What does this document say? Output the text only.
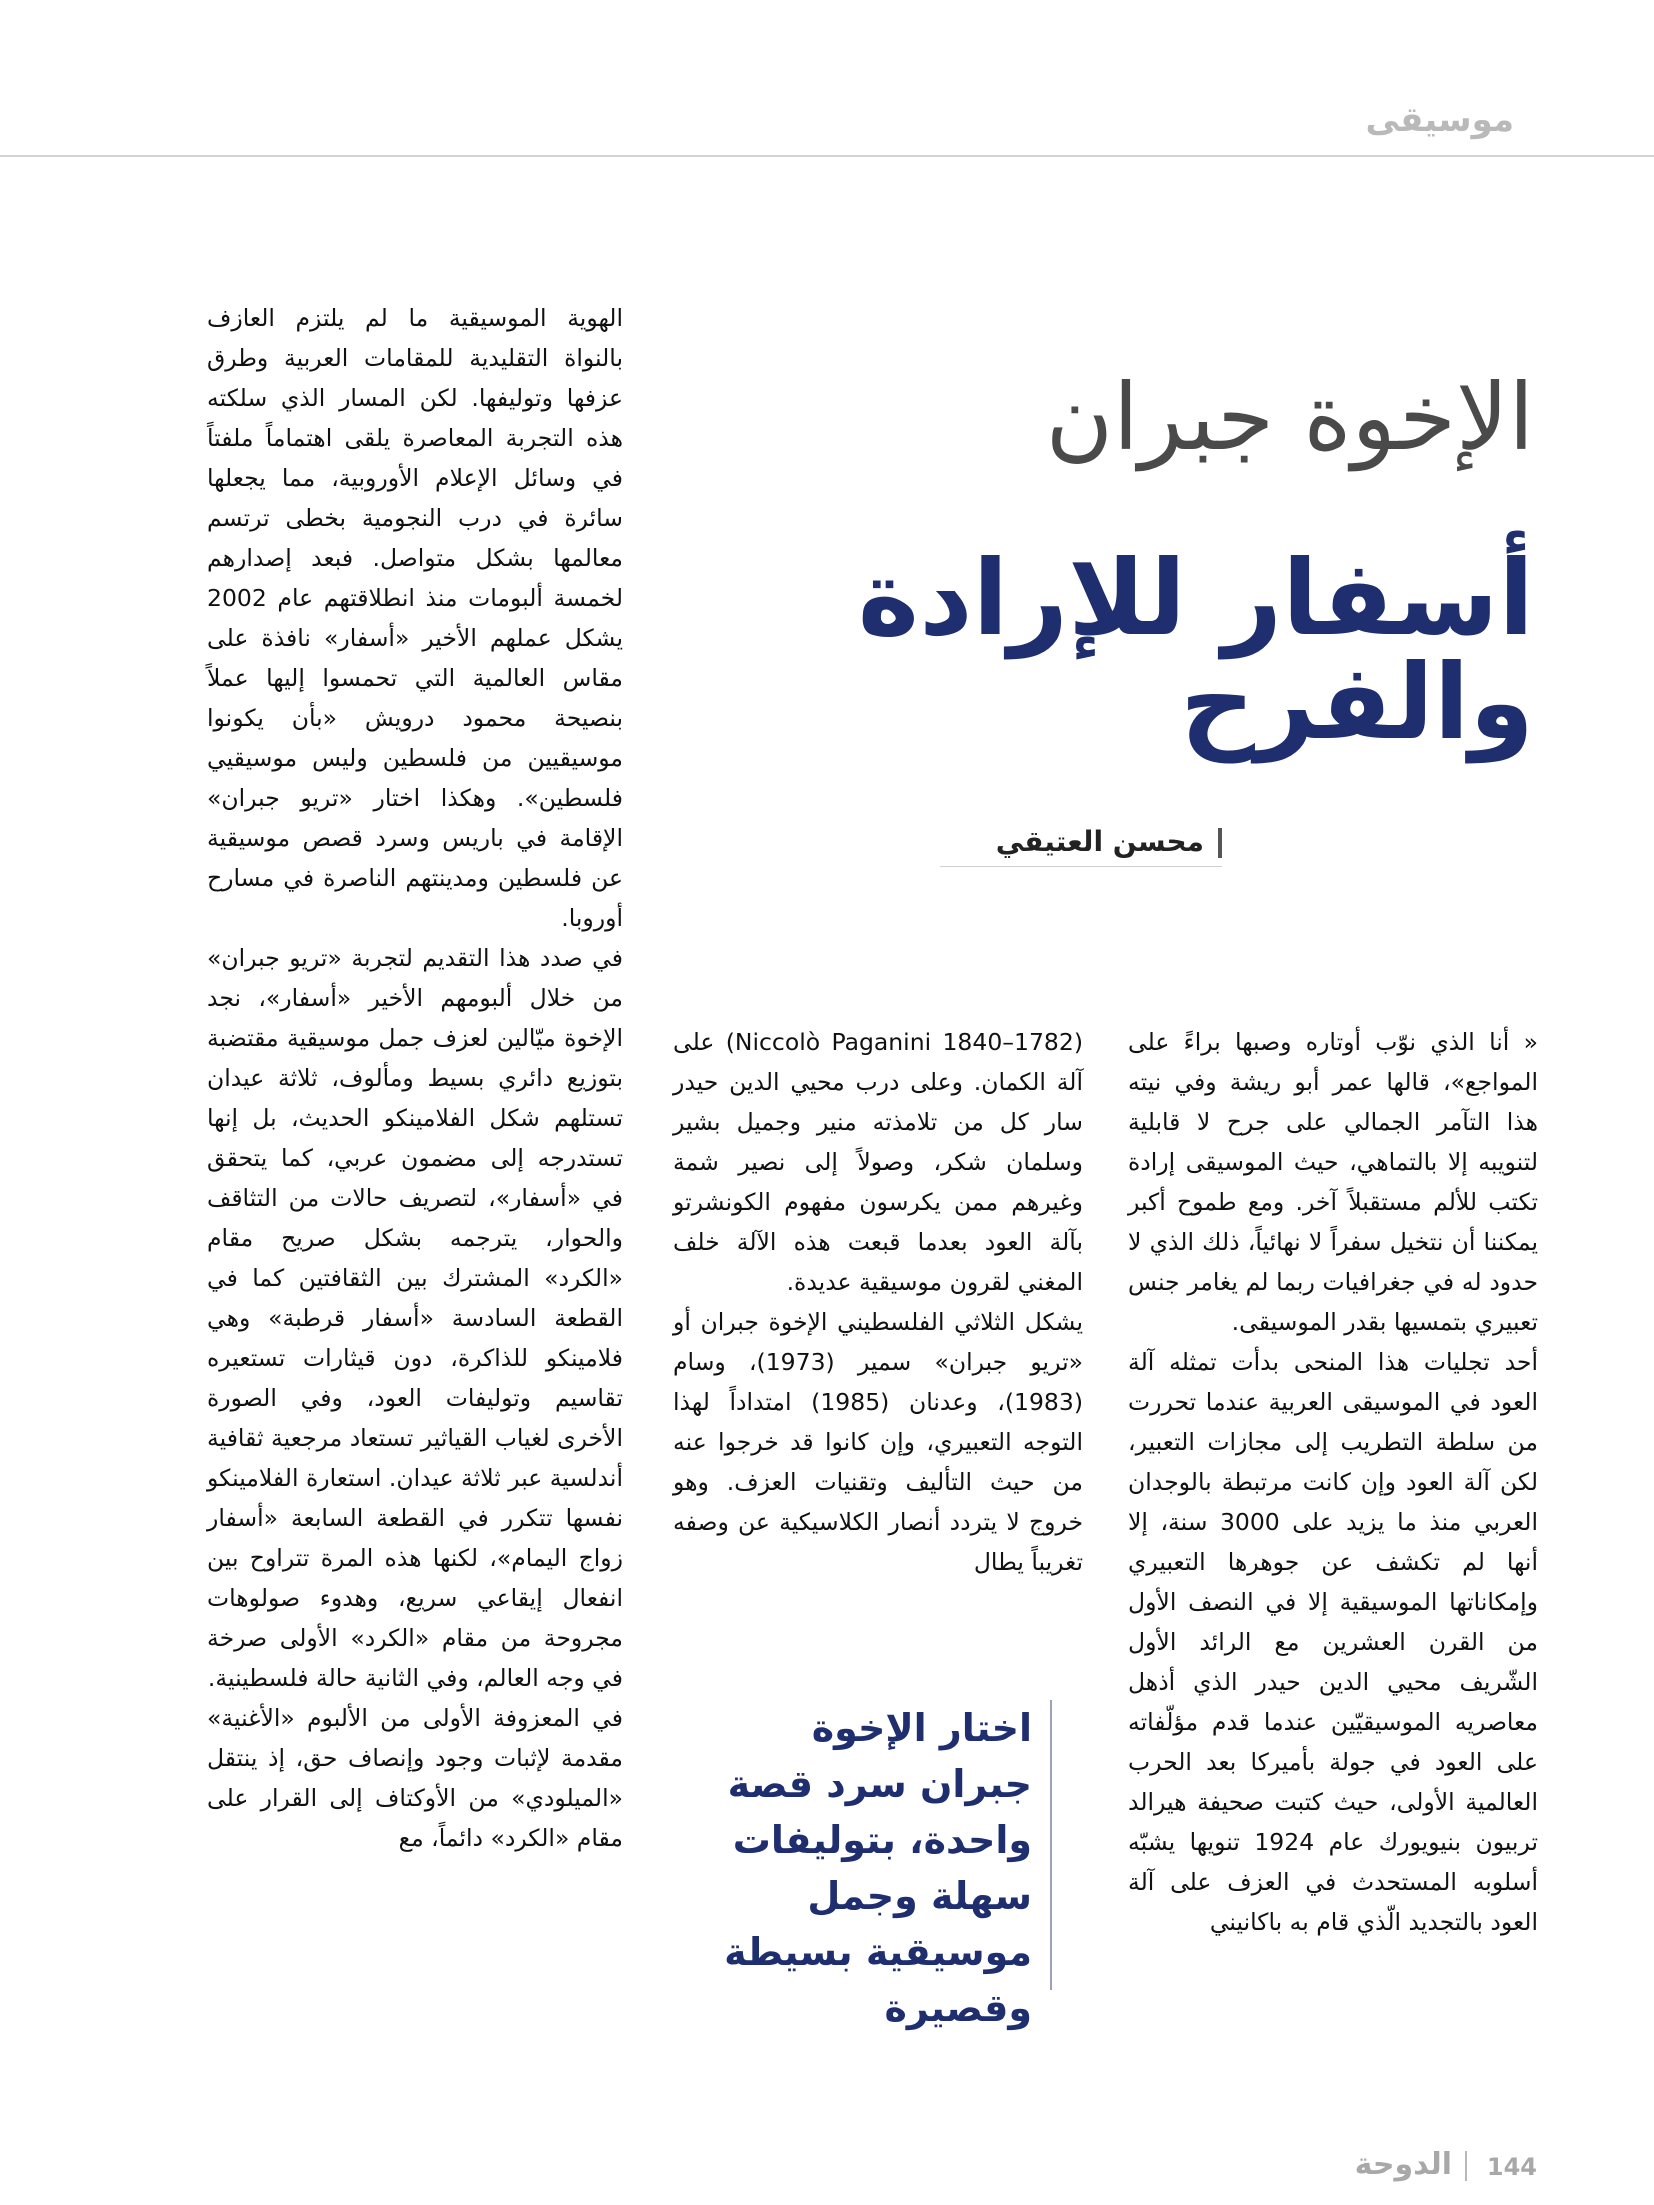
موسيقى
الإخوة جبران
أسفار للإرادة والفرح
محسن العتيقي

« أنا الذي نوّب أوتاره وصبها براءً على المواجع»، قالها عمر أبو ريشة وفي نيته هذا التآمر الجمالي على جرح لا قابلية لتنويبه إلا بالتماهي، حيث الموسيقى إرادة تكتب للألم مستقبلاً آخر. ومع طموح أكبر يمكننا أن نتخيل سفراً لا نهائياً، ذلك الذي لا حدود له في جغرافيات ربما لم يغامر جنس تعبيري بتمسيها بقدر الموسيقى.

أحد تجليات هذا المنحى بدأت تمثله آلة العود في الموسيقى العربية عندما تحررت من سلطة التطريب إلى مجازات التعبير، لكن آلة العود وإن كانت مرتبطة بالوجدان العربي منذ ما يزيد على 3000 سنة، إلا أنها لم تكشف عن جوهرها التعبيري وإمكاناتها الموسيقية إلا في النصف الأول من القرن العشرين مع الرائد الأول الشّريف محيي الدين حيدر الذي أذهل معاصريه الموسيقيّين عندما قدم مؤلّفاته على العود في جولة بأميركا بعد الحرب العالمية الأولى، حيث كتبت صحيفة هيرالد تربيون بنيويورك عام 1924 تنويها يشبّه أسلوبه المستحدث في العزف على آلة العود بالتجديد الّذي قام به باكانيني

(Niccolò Paganini 1840–1782) على آلة الكمان. وعلى درب محيي الدين حيدر سار كل من تلامذته منير وجميل بشير وسلمان شكر، وصولاً إلى نصير شمة وغيرهم ممن يكرسون مفهوم الكونشرتو بآلة العود بعدما قبعت هذه الآلة خلف المغني لقرون موسيقية عديدة.

يشكل الثلاثي الفلسطيني الإخوة جبران أو «تريو جبران» سمير (1973)، وسام (1983)، وعدنان (1985) امتداداً لهذا التوجه التعبيري، وإن كانوا قد خرجوا عنه من حيث التأليف وتقنيات العزف. وهو خروج لا يتردد أنصار الكلاسيكية عن وصفه تغريباً يطال

اختار الإخوة جبران سرد قصة واحدة، بتوليفات سهلة وجمل موسيقية بسيطة وقصيرة

الهوية الموسيقية ما لم يلتزم العازف بالنواة التقليدية للمقامات العربية وطرق عزفها وتوليفها. لكن المسار الذي سلكته هذه التجربة المعاصرة يلقى اهتماماً ملفتاً في وسائل الإعلام الأوروبية، مما يجعلها سائرة في درب النجومية بخطى ترتسم معالمها بشكل متواصل. فبعد إصدارهم لخمسة ألبومات منذ انطلاقتهم عام 2002 يشكل عملهم الأخير «أسفار» نافذة على مقاس العالمية التي تحمسوا إليها عملاً بنصيحة محمود درويش «بأن يكونوا موسيقيين من فلسطين وليس موسيقيي فلسطين». وهكذا اختار «تريو جبران» الإقامة في باريس وسرد قصص موسيقية عن فلسطين ومدينتهم الناصرة في مسارح أوروبا.

في صدد هذا التقديم لتجربة «تريو جبران» من خلال ألبومهم الأخير «أسفار»، نجد الإخوة ميّالين لعزف جمل موسيقية مقتضبة بتوزيع دائري بسيط ومألوف، ثلاثة عيدان تستلهم شكل الفلامينكو الحديث، بل إنها تستدرجه إلى مضمون عربي، كما يتحقق في «أسفار»، لتصريف حالات من التثاقف والحوار، يترجمه بشكل صريح مقام «الكرد» المشترك بين الثقافتين كما في القطعة السادسة «أسفار قرطبة» وهي فلامينكو للذاكرة، دون قيثارات تستعيره تقاسيم وتوليفات العود، وفي الصورة الأخرى لغياب القياثير تستعاد مرجعية ثقافية أندلسية عبر ثلاثة عيدان. استعارة الفلامينكو نفسها تتكرر في القطعة السابعة «أسفار زواج اليمام»، لكنها هذه المرة تتراوح بين انفعال إيقاعي سريع، وهدوء صولوهات مجروحة من مقام «الكرد» الأولى صرخة في وجه العالم، وفي الثانية حالة فلسطينية.

في المعزوفة الأولى من الألبوم «الأغنية» مقدمة لإثبات وجود وإنصاف حق، إذ ينتقل «الميلودي» من الأوكتاف إلى القرار على مقام «الكرد» دائماً، مع

144
الدوحة
